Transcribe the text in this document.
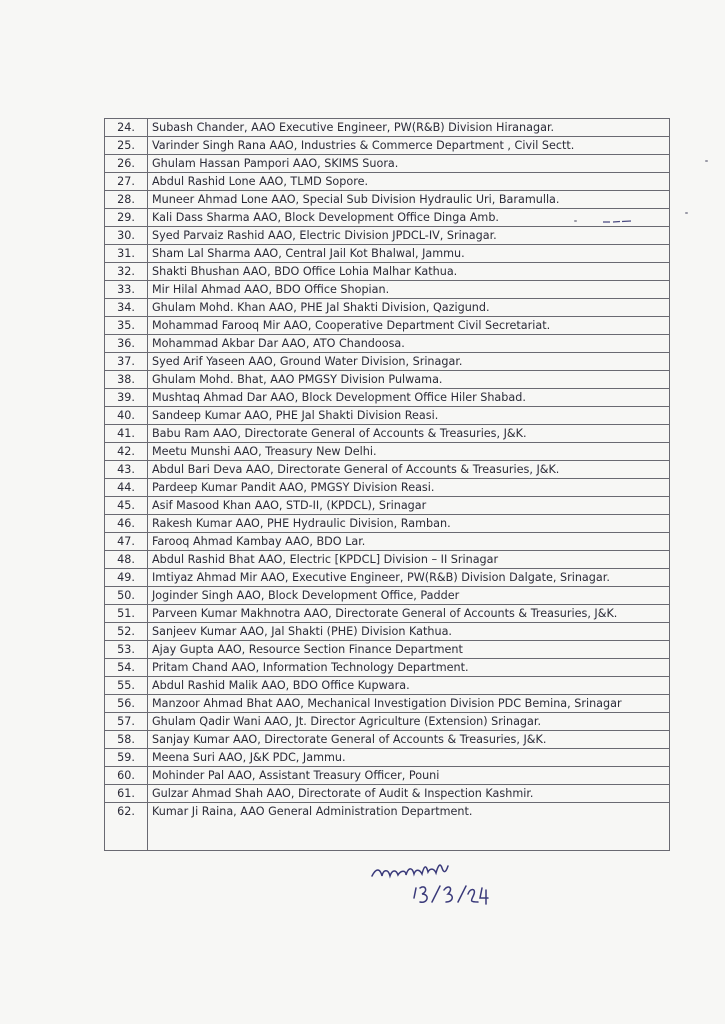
24.	Subash Chander, AAO Executive Engineer, PW(R&B) Division Hiranagar.
25.	Varinder Singh Rana AAO, Industries & Commerce Department , Civil Sectt.
26.	Ghulam Hassan Pampori AAO, SKIMS Suora.
27.	Abdul Rashid Lone AAO, TLMD Sopore.
28.	Muneer Ahmad Lone AAO, Special Sub Division Hydraulic Uri, Baramulla.
29.	Kali Dass Sharma AAO, Block Development Office Dinga Amb.
30.	Syed Parvaiz Rashid AAO, Electric Division JPDCL-IV, Srinagar.
31.	Sham Lal Sharma AAO, Central Jail Kot Bhalwal, Jammu.
32.	Shakti Bhushan AAO, BDO Office Lohia Malhar Kathua.
33.	Mir Hilal Ahmad AAO, BDO Office Shopian.
34.	Ghulam Mohd. Khan AAO, PHE Jal Shakti Division, Qazigund.
35.	Mohammad Farooq Mir AAO, Cooperative Department Civil Secretariat.
36.	Mohammad Akbar Dar AAO, ATO Chandoosa.
37.	Syed Arif Yaseen AAO, Ground Water Division, Srinagar.
38.	Ghulam Mohd. Bhat, AAO PMGSY Division Pulwama.
39.	Mushtaq Ahmad Dar AAO, Block Development Office Hiler Shabad.
40.	Sandeep Kumar AAO, PHE Jal Shakti Division Reasi.
41.	Babu Ram AAO, Directorate General of Accounts & Treasuries, J&K.
42.	Meetu Munshi AAO, Treasury New Delhi.
43.	Abdul Bari Deva AAO, Directorate General of Accounts & Treasuries, J&K.
44.	Pardeep Kumar Pandit AAO, PMGSY Division Reasi.
45.	Asif Masood Khan AAO, STD-II, (KPDCL), Srinagar
46.	Rakesh Kumar AAO, PHE Hydraulic Division, Ramban.
47.	Farooq Ahmad Kambay AAO, BDO Lar.
48.	Abdul Rashid Bhat AAO, Electric [KPDCL] Division – II Srinagar
49.	Imtiyaz Ahmad Mir AAO, Executive Engineer, PW(R&B) Division Dalgate, Srinagar.
50.	Joginder Singh AAO, Block Development Office, Padder
51.	Parveen Kumar Makhnotra AAO, Directorate General of Accounts & Treasuries, J&K.
52.	Sanjeev Kumar AAO, Jal Shakti (PHE) Division Kathua.
53.	Ajay Gupta AAO, Resource Section Finance Department
54.	Pritam Chand AAO, Information Technology Department.
55.	Abdul Rashid Malik AAO, BDO Office Kupwara.
56.	Manzoor Ahmad Bhat AAO, Mechanical Investigation Division PDC Bemina, Srinagar
57.	Ghulam Qadir Wani AAO, Jt. Director Agriculture (Extension) Srinagar.
58.	Sanjay Kumar AAO, Directorate General of Accounts & Treasuries, J&K.
59.	Meena Suri AAO, J&K PDC, Jammu.
60.	Mohinder Pal AAO, Assistant Treasury Officer, Pouni
61.	Gulzar Ahmad Shah AAO, Directorate of Audit & Inspection Kashmir.
62.	Kumar Ji Raina, AAO General Administration Department.
